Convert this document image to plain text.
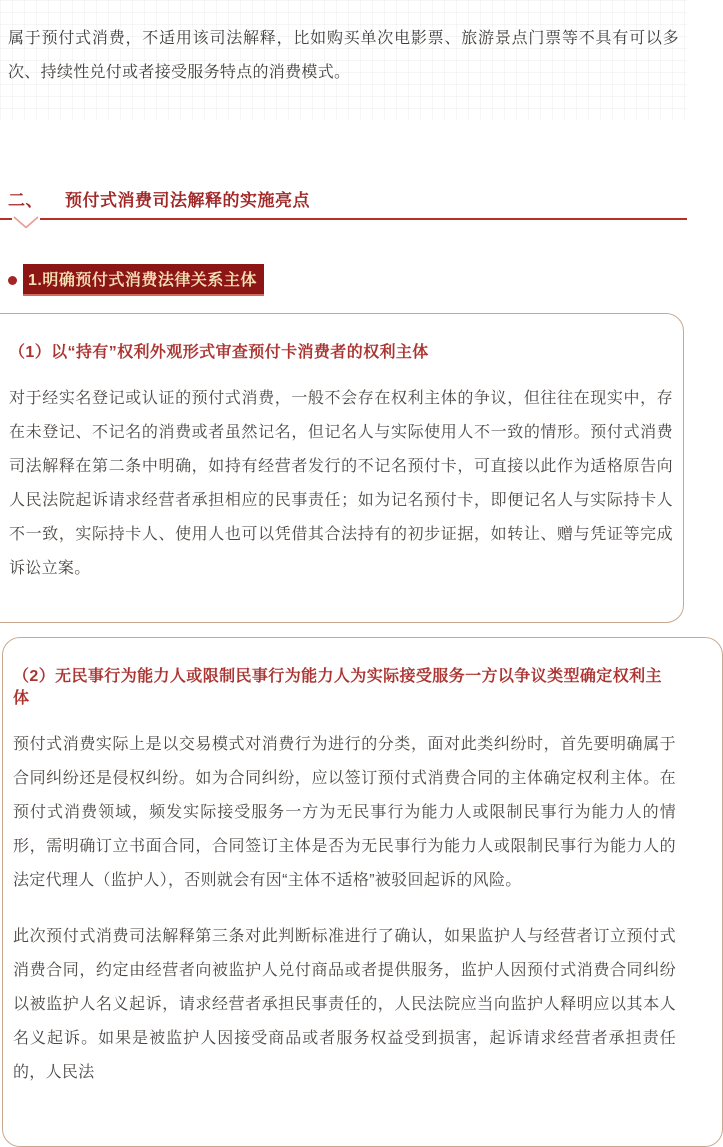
属于预付式消费，不适用该司法解释，比如购买单次电影票、旅游景点门票等不具有可以多次、持续性兑付或者接受服务特点的消费模式。

二、 预付式消费司法解释的实施亮点
1.明确预付式消费法律关系主体
（1）以“持有”权利外观形式审查预付卡消费者的权利主体

对于经实名登记或认证的预付式消费，一般不会存在权利主体的争议，但往往在现实中，存在未登记、不记名的消费或者虽然记名，但记名人与实际使用人不一致的情形。预付式消费司法解释在第二条中明确，如持有经营者发行的不记名预付卡，可直接以此作为适格原告向人民法院起诉请求经营者承担相应的民事责任；如为记名预付卡，即便记名人与实际持卡人不一致，实际持卡人、使用人也可以凭借其合法持有的初步证据，如转让、赠与凭证等完成诉讼立案。

（2）无民事行为能力人或限制民事行为能力人为实际接受服务一方以争议类型确定权利主体

预付式消费实际上是以交易模式对消费行为进行的分类，面对此类纠纷时，首先要明确属于合同纠纷还是侵权纠纷。如为合同纠纷，应以签订预付式消费合同的主体确定权利主体。在预付式消费领域，频发实际接受服务一方为无民事行为能力人或限制民事行为能力人的情形，需明确订立书面合同，合同签订主体是否为无民事行为能力人或限制民事行为能力人的法定代理人（监护人），否则就会有因“主体不适格”被驳回起诉的风险。

此次预付式消费司法解释第三条对此判断标准进行了确认，如果监护人与经营者订立预付式消费合同，约定由经营者向被监护人兑付商品或者提供服务，监护人因预付式消费合同纠纷以被监护人名义起诉，请求经营者承担民事责任的，人民法院应当向监护人释明应以其本人名义起诉。如果是被监护人因接受商品或者服务权益受到损害，起诉请求经营者承担责任的，人民法
